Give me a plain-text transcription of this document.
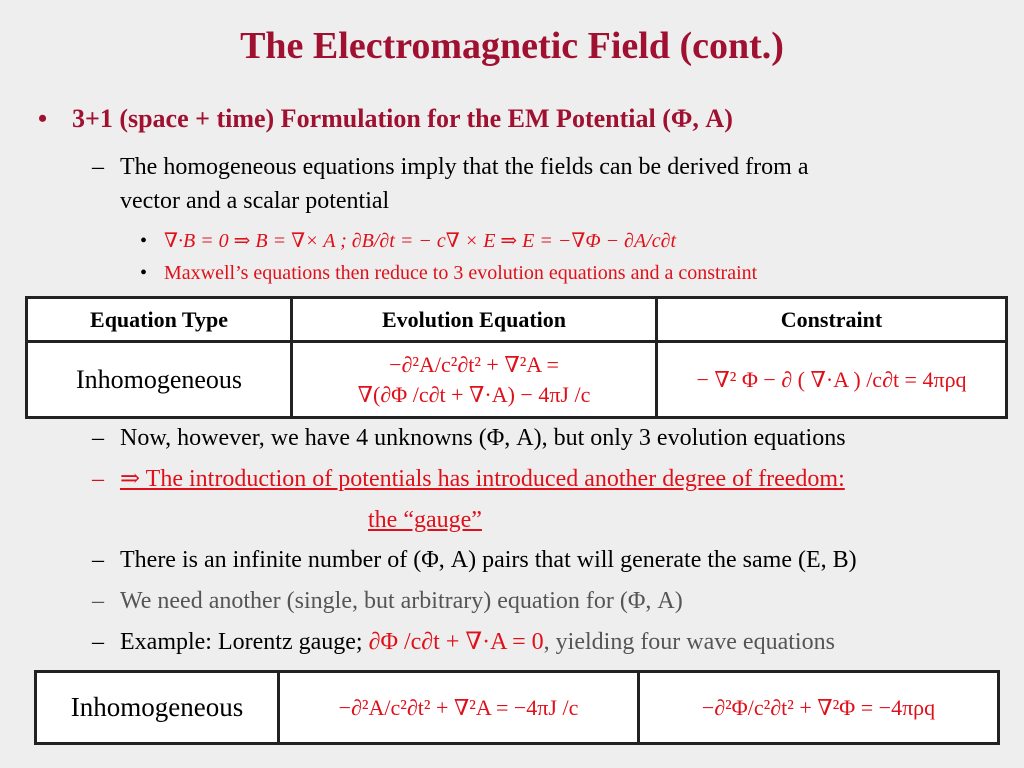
The Electromagnetic Field (cont.)
• 3+1 (space + time) Formulation for the EM Potential (Φ, A)
– The homogeneous equations imply that the fields can be derived from a
vector and a scalar potential
• ∇·B = 0 ⇒ B = ∇× A ; ∂B/∂t = − c∇ × E ⇒ E = −∇Φ − ∂A/c∂t
• Maxwell’s equations then reduce to 3 evolution equations and a constraint
Equation Type	Evolution Equation	Constraint
Inhomogeneous	−∂²A/c²∂t² + ∇²A =
∇(∂Φ /c∂t + ∇·A) − 4πJ /c	− ∇² Φ − ∂ ( ∇·A ) /c∂t = 4πρq
– Now, however, we have 4 unknowns (Φ, A), but only 3 evolution equations
– ⇒ The introduction of potentials has introduced another degree of freedom:
the “gauge”
– There is an infinite number of (Φ, A) pairs that will generate the same (E, B)
– We need another (single, but arbitrary) equation for (Φ, A)
– Example: Lorentz gauge; ∂Φ /c∂t + ∇·A = 0, yielding four wave equations
Inhomogeneous	−∂²A/c²∂t² + ∇²A = −4πJ /c	−∂²Φ/c²∂t² + ∇²Φ = −4πρq
